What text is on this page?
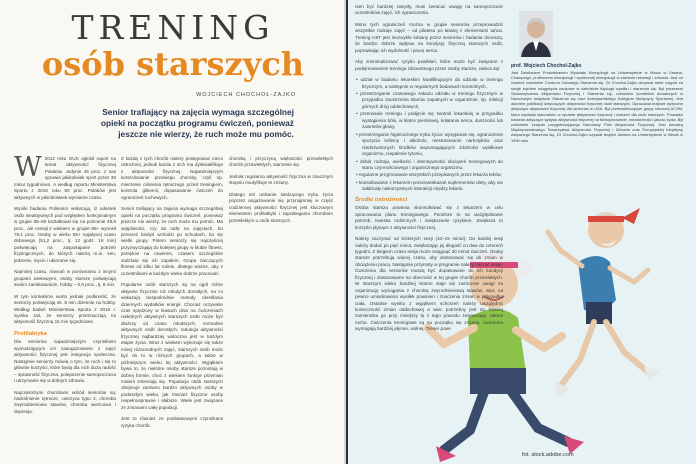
TRENING
osób starszych
WOJCIECH CHOCHOŁ-ZAJKO
Senior trafiający na zajęcia wymaga szczególnej opieki na początku programu ćwiczeń, ponieważ jeszcze nie wierzy, że ruch może mu pomóc.

W 2012 roku GUS ogłosił raport na temat aktywności fizycznej Polaków. Jedynie 45 proc. z nas uprawia jakikolwiek sport przez 30 minut tygodniowo. A według raportu Ministerstwa Sportu z 2016 roku 80 proc. Polaków jest aktywnych w jakimkolwiek wymiarze czasu.

Wyniki badania Polsenior wskazują, iż odsetek osób nieaktywnych pod względem funkcjonalnym w grupie 65–69 kształtował się na poziomie 49,8 proc., ale rosnął z wiekiem w grupie 85+ wynosił 79,1 proc. Osoby w wieku 65+ najwięcej czasu dobowego (51,2 proc., tj. 12 godz. 18 min) poświęcają na zaspokajanie potrzeb fizjologicznych, do których należą m.in. sen, jedzenie, mycie i ubieranie się.

Najmniej czasu, równań w porównaniu z innymi grupami wiekowymi, osoby starsze poświęcają swoim zamiłowaniom, hobby – 0,6 proc., tj. 8 min.

W tym kontekście warto jednak podkreślić, że seniorzy poświęcają ok. 8 min dziennie na hobby. Według badań Ministerstwa Sportu z 2016 r. wynika zaś, że seniorzy przeznaczają na aktywność fizyczną 15 min tygodniowo.

Profilaktyka

Dla seniorów najważniejszym czynnikiem wymuszającym ich zaangażowanie z zajęć aktywności fizycznej jest integracja społeczna. Następnie seniorzy mówią o tym, że ruch i się to głównie korzyści, które będą dla nich dużą radość – sprawność fizyczna, polepszenie samopoczucia i utrzymanie się w dobrym zdrowiu.

Najczęstszymi chorobami wśród seniorów są: nadciśnienie tętnicze, cukrzyca typu 2, choroba zwyrodnieniowa stawów, choroba wieńcowa i depresja.

Z każdą z tych chorób należy postępować nieco ostrożniej, jednak każda z nich ma dyskwalifikuje z aktywności fizycznej. Najważniejszym kontrolowanie przebiegu choroby, czyli np. mierzenie ciśnienia tętniczego przed treningiem, kontrola glikemii, dopasowanie ćwiczeń do ograniczeń ruchowych.

Senior trafiający na zajęcia wymaga szczególnej opieki na początku programu ćwiczeń, ponieważ jeszcze nie wierzy, że ruch może mu pomóc. Ma wątpliwości, czy da radę na zajęciach, bo przecież kiedyś wchodzi po schodach, bo się wielki grupy. Potem seniorzy się najczęściej przyzwyczajają do kolejnej grupy w klubie fitness, przejście na rowerem, czasem szczególnie zadziwia się ich zapałem. Grupa ćwiczących fitness od kilku lat rośnie, dlatego ważne, aby z uczestnikami w każdym wieku dobrze pracować.

Popularne osób starszych są na ogół różne aktywne fizycznie niż młodych dorosłych, na co wskazują bezpośrednie metody określania dziennych wydatków energii. Chociaż oczywiste czas spędzony w klasach dnia na ćwiczeniach niektórych aktywnych starszych osób może być dłuższy od czasu młodszych, normalnie aktywnych osób dorosłych, redukcja aktywności fizycznej najbardziej widoczna jest w każdym etapie życia. Wraz z wiekiem wykonuje się także mniej różnorodnych zajęć, starszych osób może być do to w różnych grupach, a także w późniejszym wieku tej aktywności. Wyjątkiem bywa to, że niektóre osoby starsze pozostają w dobrej formie, choć z wiekiem funkcje przemian materii zmieniają się. Populacja osób starszych obejmuje zarówno bardzo aktywnych osoby w podeszłym wieku, jak również fizyczne osoby niepełnosprawne i słabsze. Wiele jest związane ze zmianami całej populacji.

Jest to również ze podstawowymi czynnikami ryzyka chorób.

chorobą i przyczyną większości przewlekłych chorób przewlekłych, starzenie się.

Jednak regularna aktywność fizyczna w znacznym stopniu modyfikuje te zmiany.

Dlatego też unikanie siedzącego trybu życia poprzez angażowanie się przynajmniej w część codziennej aktywności fizycznej jest kluczowym elementem profilaktyki i zapobiegania chorobom przewlekłym u osób starszych.

nien być bardziej zwięzły, musi zwracać uwagę na samopoczucie uczestników zajęć, ich ograniczenia.

Mimo tych ograniczeń można w grupie seniorów przeprowadzić wszystkie rodzaje zajęć – od pilatesu po łatwiej z elementami tańca. Trening HIIT jest niezwykle lubiany przez seniorów i badania donoszą, że bardzo dobrze wpływa na kondycję fizyczną starszych osób, poprawiając ich wydolność i pracę serca.

Aby zminimalizować ryzyko powikłań, które może być związane z podejmowaniem treningu zdrowotnego przez osoby starsze, zaleca się:

• udział w badaniu lekarskim kwalifikującym do udziału w treningu fizycznym, a następnie w regularnych badaniach kontrolnych,
• przestrzeganie czasowego zakazu udziału w treningu fizycznym w przypadku zaostrzenia stanów zapalnych w organizmie, np. infekcji górnych dróg oddechowych,
• przerwanie treningu i podjęcie się kontroli lekarskiej w przypadku wystąpienia bólu, w klatce piersiowej, kołatania serca, duszności lub zawrotów głowy,
• przestrzeganie higienicznego trybu życia: wysypianie się, ograniczenie spożycia kofeiny i alkoholu, niestosowanie narkotyków oraz niedozwolonych środków wspomagających zdolności wysiłkowe organizmu, niepalenie tytoniu,
• dobór rodzaju, wielkości i intensywności obciążeń treningowych do stanu czynnościowego i organicznego organizmu,
• regularne przyjmowanie wszystkich przepisanych przez lekarza leków,
• konsultowanie z lekarzem przeciwwskazań suplementów diety, aby nie zakłócały niekorzystnych interakcji między lekami.
Środki ostrożności

Osoba starsza powinna skonsultować się z lekarzem w celu opracowania planu treningowego. Poniższe to na uwzględnianie potrzeb, kwestia rodzinnych i zwiększanie ryzykiem. Zwiększa to korzyści płynące z aktywności fizycznej.

Należy zaczynać od krótszych sesji (10–15 minut). Do każdej sesji należy dodać po pięć minut, zwiększając jej długość co dwa do czterech tygodni. Z biegiem czasu sesja może osiągnąć 30 minut ćwiczeń. Osoby starsze potrzebują więcej czasu, aby dostosować się do zmian w obciążeniu pracą. Następnie przyrosty w programie należy zacząć sesje. Ćwiczenia dla seniorów muszą być dopasowane do ich kondycji fizycznej i dostosowane na obecność w tej grupie chorób przewlekłych. W starszym wieku bardziej istotne staje się zwrócenie uwagi na organizację wyciągania z chorobą zwyrodnieniową stawów, więc na pewno umiarkowana wysiłek powinien i znaczeniu zmian w przypadku ciała. Ostatnie wyniku z wyjątkiem schorzeń należy uwzględnić konieczność zmian oddechowej a wiec potrzebny jest do trzeciej zamiennika go przy mniejszy tę z tego powodu zwiększając zakres ruchu. Ćwiczenia treningowe są na początku się zmiana, ćwiczenia wymagają bardziej płynne, wolnej. Trener powi-

prof. Wojciech Chochoł-Zajko
Jest Dziekanem Prodziekanem Wydziału Kinezjologii na Uniwersytecie w Illinois w Urbana-Champaign, profesorem kinezjologii i społecznej kinezjologii w zakresie rekreacji i zdrowia. Jest on również członkiem Centrum Zdrowego Starzenia się. Dr Chochoł-Zajko otrzymał wiele nagród za swoje wybitne osiągnięcia naukowe w dziedzinie fizjologii wysiłku i starzenia się. Był prezesem Stowarzyszenia Aktywności Fizycznej i Starzenia się, członkiem komitetów doradczych w Narodowym Instytucie Starzenia się oraz Amerykańskiego Kolegium Medycyny Sportowej. Jest autorem publikacji dotyczących aktywności fizycznej osób starszych. Opracował krajowe wytyczne dotyczące aktywności fizycznej dla seniorów w USA. Był przewodniczącym grupy roboczej ACSM, która napisała stanowisko w sprawie aktywności fizycznej i ćwiczeń dla osób starszych. Prowadzi badania dotyczące wpływu aktywności fizycznej na funkcjonowanie, niezależność i jakość życia. Był członkiem zespołu przygotowującego Narodowy Plan Aktywności Fizycznej. Jest doradcą Międzynarodowego Towarzystwa Aktywności Fizycznej i Zdrowia oraz Europejskiej Inicjatywy Aktywnego Starzenia się. Dr Chochoł-Zajko uzyskał stopień doktora na Uniwersytecie w Illinois w 1990 roku.
fot. stock.adobe.com
